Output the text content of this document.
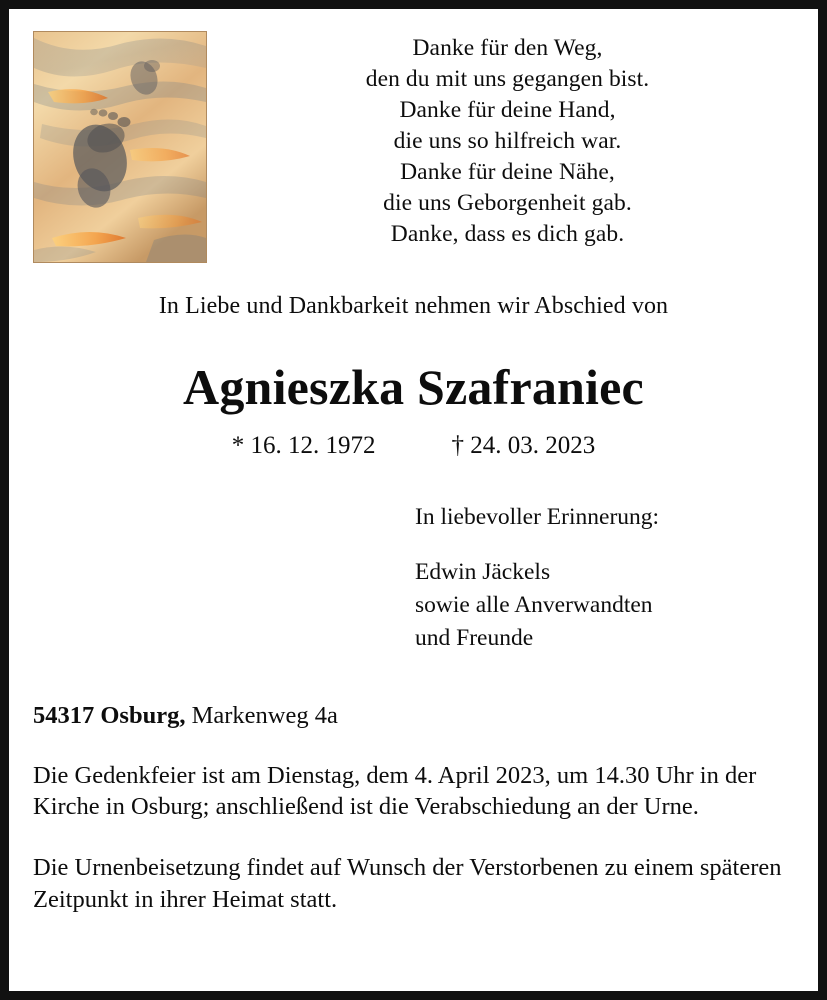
Danke für den Weg,
den du mit uns gegangen bist.
Danke für deine Hand,
die uns so hilfreich war.
Danke für deine Nähe,
die uns Geborgenheit gab.
Danke, dass es dich gab.
In Liebe und Dankbarkeit nehmen wir Abschied von
Agnieszka Szafraniec
* 16. 12. 1972	† 24. 03. 2023
In liebevoller Erinnerung:
Edwin Jäckels
sowie alle Anverwandten
und Freunde
54317 Osburg, Markenweg 4a
Die Gedenkfeier ist am Dienstag, dem 4. April 2023, um 14.30 Uhr in der Kirche in Osburg; anschließend ist die Verabschiedung an der Urne.
Die Urnenbeisetzung findet auf Wunsch der Verstorbenen zu einem späteren Zeitpunkt in ihrer Heimat statt.
